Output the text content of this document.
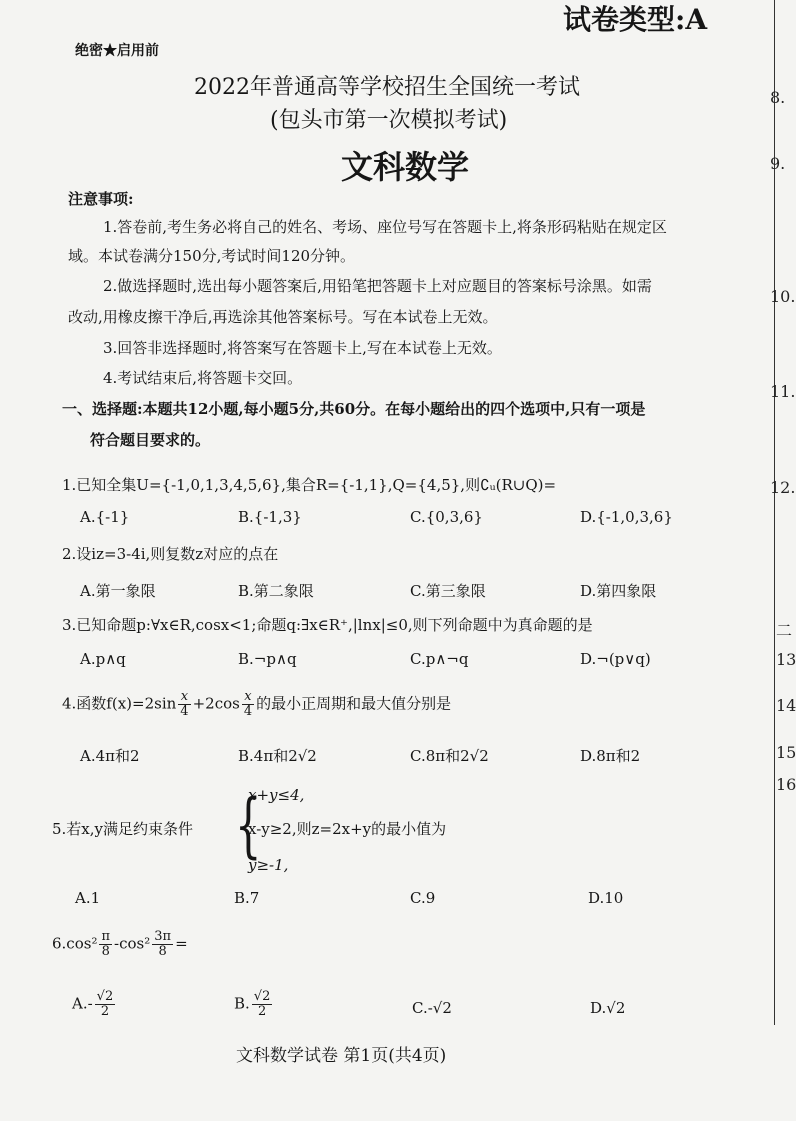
试卷类型:A
绝密★启用前
2022年普通高等学校招生全国统一考试
(包头市第一次模拟考试)
文科数学
注意事项:
1.答卷前,考生务必将自己的姓名、考场、座位号写在答题卡上,将条形码粘贴在规定区
域。本试卷满分150分,考试时间120分钟。
2.做选择题时,选出每小题答案后,用铅笔把答题卡上对应题目的答案标号涂黑。如需
改动,用橡皮擦干净后,再选涂其他答案标号。写在本试卷上无效。
3.回答非选择题时,将答案写在答题卡上,写在本试卷上无效。
4.考试结束后,将答题卡交回。
一、选择题:本题共12小题,每小题5分,共60分。在每小题给出的四个选项中,只有一项是
符合题目要求的。
1.已知全集U={-1,0,1,3,4,5,6},集合R={-1,1},Q={4,5},则∁ᵤ(R∪Q)=
A.{-1}	B.{-1,3}	C.{0,3,6}	D.{-1,0,3,6}
2.设iz=3-4i,则复数z对应的点在
A.第一象限	B.第二象限	C.第三象限	D.第四象限
3.已知命题p:∀x∈R,cosx<1;命题q:∃x∈R⁺,|lnx|≤0,则下列命题中为真命题的是
A.p∧q	B.¬p∧q	C.p∧¬q	D.¬(p∨q)
4.函数$f(x)=2\sin \frac{x}{4} +2\cos \frac{x}{4}$ 的最小正周期和最大值分别是
A.4π和2	B.4π和2√2	C.8π和2√2	D.8π和2
5.若x,y满足约束条件 {
x+y≤4,
x-y≥2,则z=2x+y的最小值为
y≥-1,
A.1	B.7	C.9	D.10
$6.\cos^2 \frac{\pi}{8} -\cos^2 \frac{3\pi}{8}$ =
$A.- \frac{√2}{2}$	B. $\frac{√2}{2}$	C.-√2	D.√2
8.
9.
10.
11.
12.
二
13
14
15
16
文科数学试卷 第1页(共4页)
